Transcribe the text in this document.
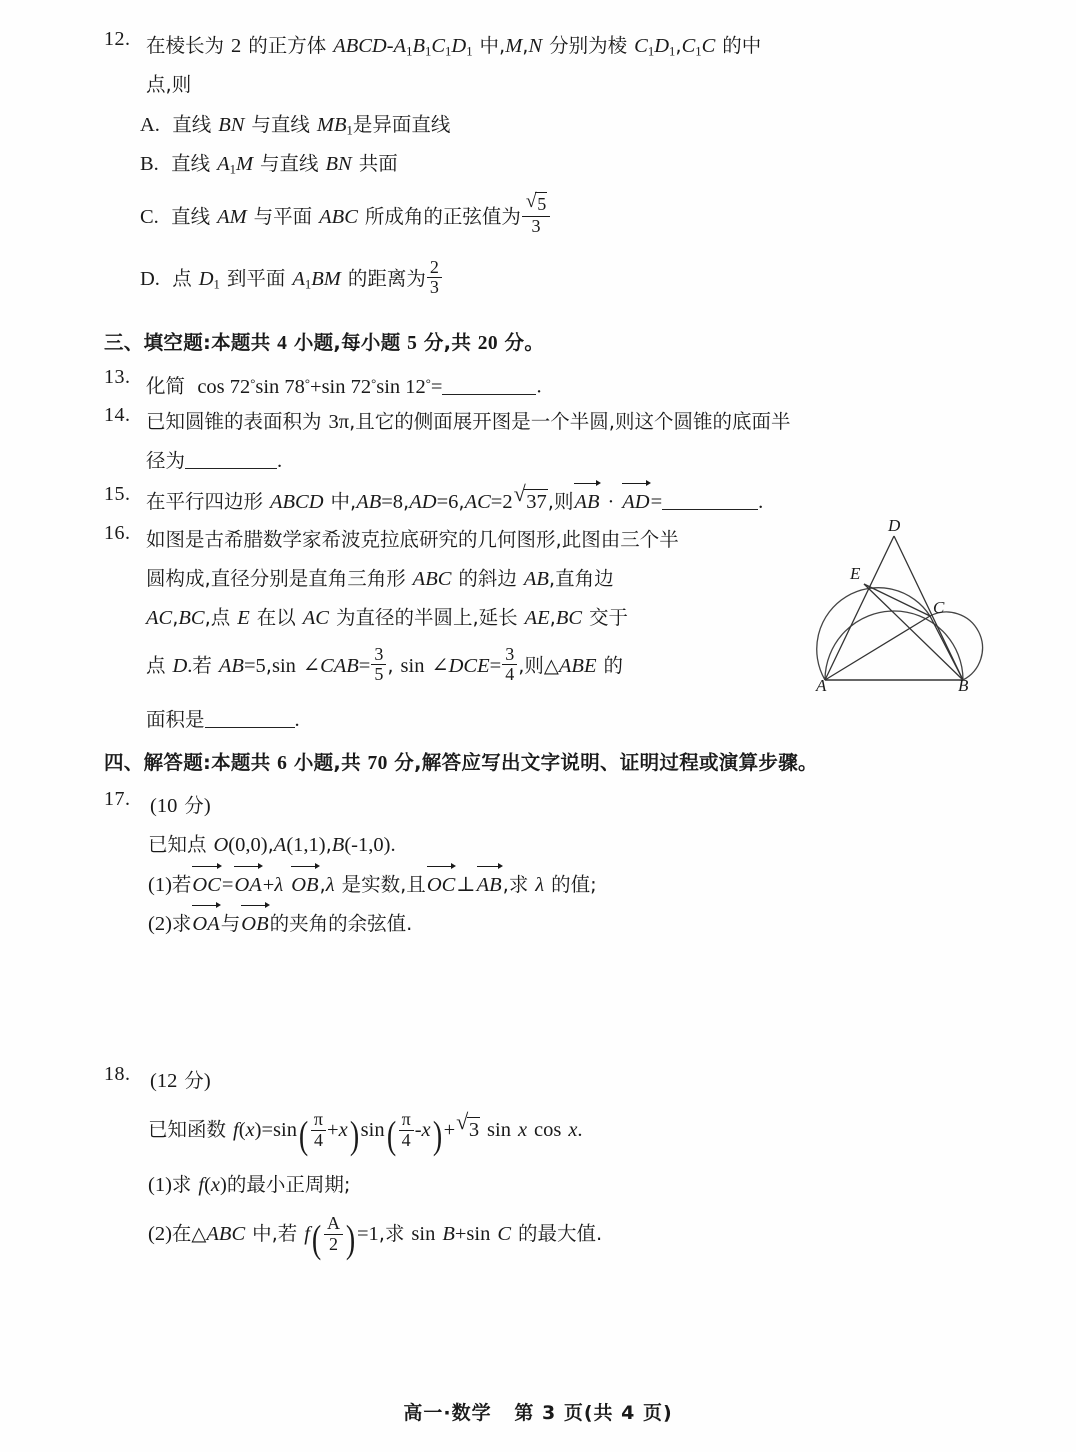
12. 在棱长为 2 的正方体 ABCD-$A_1B_1C_1D_1$ 中,M,N 分别为棱 $C_1D_1,C_1C$ 的中
点,则
A. 直线 BN 与直线 $MB_1$是异面直线
B. 直线 $A_1M$ 与直线 BN 共面
C. 直线 AM 与平面 ABC 所成角的正弦值为 $\frac{√ 5}{3}$
D. 点 $D_1$ 到平面 $A_1BM$ 的距离为 $\frac{2}{3}$
三、填空题:本题共 4 小题,每小题 5 分,共 20 分。
13. 化简 cos 72°sin 78°+sin 72°sin 12°=	.
14. 已知圆锥的表面积为 3π,且它的侧面展开图是一个半圆,则这个圆锥的底面半
径为	.
15. 在平行四边形 ABCD 中,AB=8,AD=6,AC=2 √ 37,则
AB · AD=	.
16. 如图是古希腊数学家希波克拉底研究的几何图形,此图由三个半
圆构成,直径分别是直角三角形 ABC 的斜边 AB,直角边
AC,BC,点 E 在以 AC 为直径的半圆上,延长 AE,BC 交于
点 D.若 AB=5,sin ∠CAB= $\frac{3}{5}$ , sin ∠DCE= $\frac{3}{4}$ ,则△ABE 的
面积是	.
A	B
C
D
E
四、解答题:本题共 6 小题,共 70 分,解答应写出文字说明、证明过程或演算步骤。
17. (10 分)
已知点 O(0,0),A(1,1),B(-1,0).
(1)若
OC=
OA+λ OB,λ 是实数,且
OC⊥
AB,求 λ 的值;
(2)求
OA与
OB的夹角的余弦值.
18. (12 分)
已知函数 $f(x)=\sin( \frac{\pi}{4} +x)\sin( \frac{\pi}{4} -x)+$ √ 3 sin x cos x.
(1)求 f(x)的最小正周期;
(2)在△ABC 中,若 $f( \frac{A}{2} )=1$,求 sin B+sin C 的最大值.
高一·数学 第 3 页(共 4 页)
